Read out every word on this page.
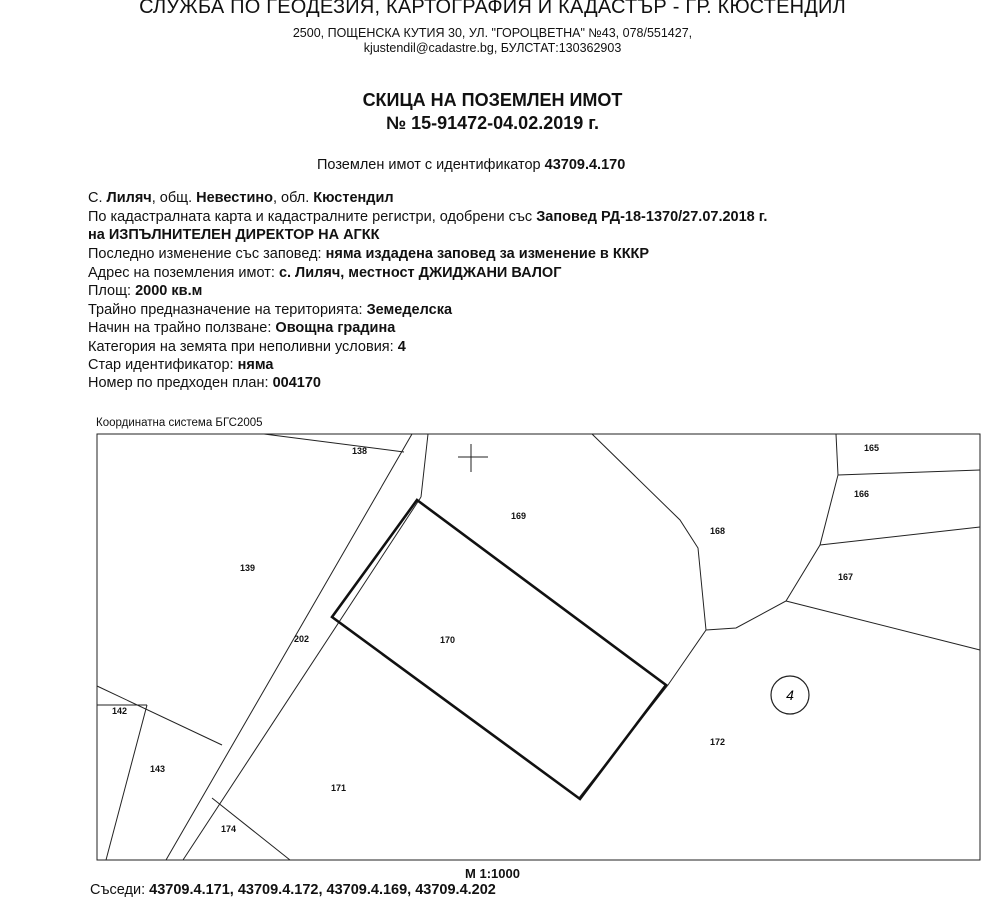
СЛУЖБА ПО ГЕОДЕЗИЯ, КАРТОГРАФИЯ И КАДАСТЪР - ГР. КЮСТЕНДИЛ
2500, ПОЩЕНСКА КУТИЯ 30, УЛ. "ГОРОЦВЕТНА" №43, 078/551427,
kjustendil@cadastre.bg, БУЛСТАТ:130362903
СКИЦА НА ПОЗЕМЛЕН ИМОТ
№ 15-91472-04.02.2019 г.
Поземлен имот с идентификатор 43709.4.170
С. Лиляч, общ. Невестино, обл. Кюстендил
По кадастралната карта и кадастралните регистри, одобрени със Заповед РД-18-1370/27.07.2018 г.
на ИЗПЪЛНИТЕЛЕН ДИРЕКТОР НА АГКК
Последно изменение със заповед: няма издадена заповед за изменение в КККР
Адрес на поземления имот: с. Лиляч, местност ДЖИДЖАНИ ВАЛОГ
Площ: 2000 кв.м
Трайно предназначение на територията: Земеделска
Начин на трайно ползване: Овощна градина
Категория на земята при неполивни условия: 4
Стар идентификатор: няма
Номер по предходен план: 004170
Координатна система БГС2005
4
138
139
202	170
169
168
165
166
167
142
143
171
174
172
М 1:1000
Съседи: 43709.4.171, 43709.4.172, 43709.4.169, 43709.4.202
